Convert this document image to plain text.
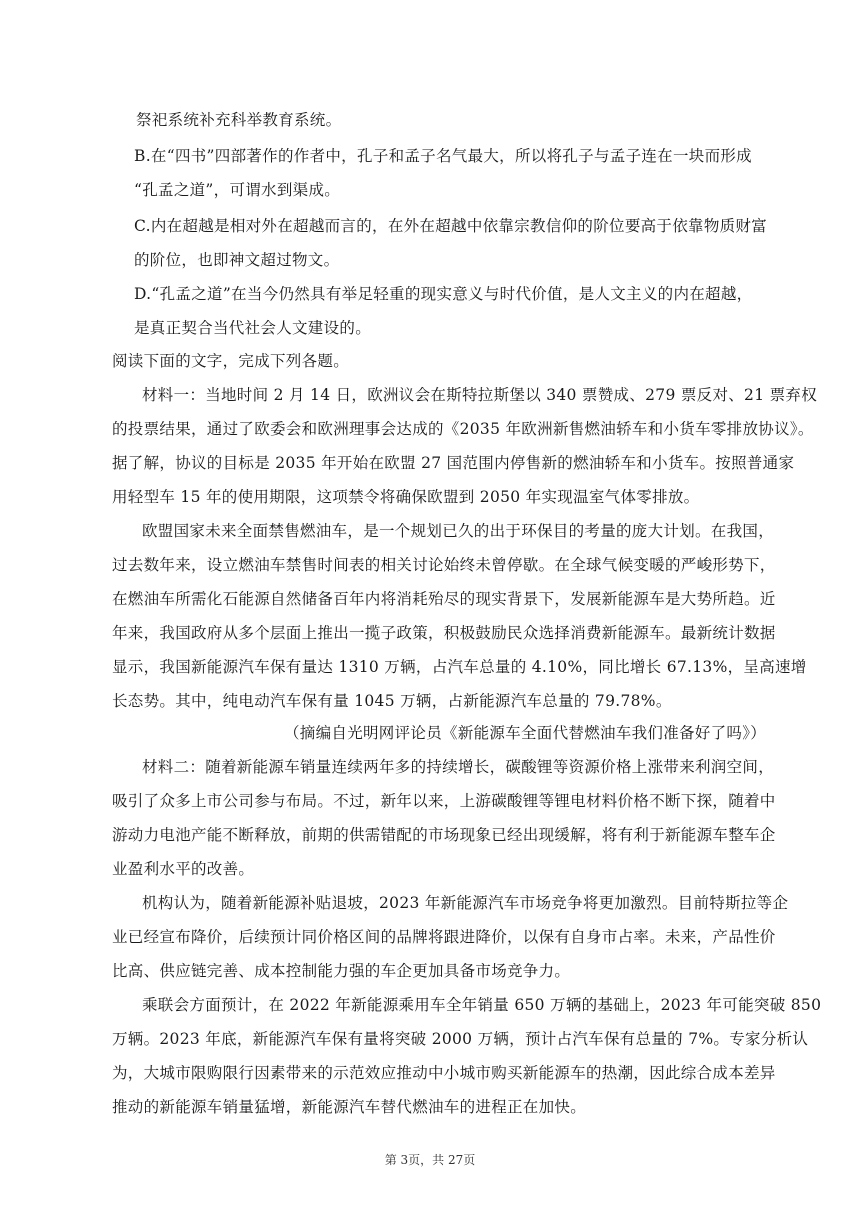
祭祀系统补充科举教育系统。
B.在“四书”四部著作的作者中，孔子和孟子名气最大，所以将孔子与孟子连在一块而形成
“孔孟之道”，可谓水到渠成。
C.内在超越是相对外在超越而言的，在外在超越中依靠宗教信仰的阶位要高于依靠物质财富
的阶位，也即神文超过物文。
D.“孔孟之道”在当今仍然具有举足轻重的现实意义与时代价值，是人文主义的内在超越，
是真正契合当代社会人文建设的。
阅读下面的文字，完成下列各题。
材料一：当地时间 2 月 14 日，欧洲议会在斯特拉斯堡以 340 票赞成、279 票反对、21 票弃权
的投票结果，通过了欧委会和欧洲理事会达成的《2035 年欧洲新售燃油轿车和小货车零排放协议》。
据了解，协议的目标是 2035 年开始在欧盟 27 国范围内停售新的燃油轿车和小货车。按照普通家
用轻型车 15 年的使用期限，这项禁令将确保欧盟到 2050 年实现温室气体零排放。
欧盟国家未来全面禁售燃油车，是一个规划已久的出于环保目的考量的庞大计划。在我国，
过去数年来，设立燃油车禁售时间表的相关讨论始终未曾停歇。在全球气候变暖的严峻形势下，
在燃油车所需化石能源自然储备百年内将消耗殆尽的现实背景下，发展新能源车是大势所趋。近
年来，我国政府从多个层面上推出一揽子政策，积极鼓励民众选择消费新能源车。最新统计数据
显示，我国新能源汽车保有量达 1310 万辆，占汽车总量的 4.10%，同比增长 67.13%，呈高速增
长态势。其中，纯电动汽车保有量 1045 万辆，占新能源汽车总量的 79.78%。
（摘编自光明网评论员《新能源车全面代替燃油车我们准备好了吗》）
材料二：随着新能源车销量连续两年多的持续增长，碳酸锂等资源价格上涨带来利润空间，
吸引了众多上市公司参与布局。不过，新年以来，上游碳酸锂等锂电材料价格不断下探，随着中
游动力电池产能不断释放，前期的供需错配的市场现象已经出现缓解，将有利于新能源车整车企
业盈利水平的改善。
机构认为，随着新能源补贴退坡，2023 年新能源汽车市场竞争将更加激烈。目前特斯拉等企
业已经宣布降价，后续预计同价格区间的品牌将跟进降价，以保有自身市占率。未来，产品性价
比高、供应链完善、成本控制能力强的车企更加具备市场竞争力。
乘联会方面预计，在 2022 年新能源乘用车全年销量 650 万辆的基础上，2023 年可能突破 850
万辆。2023 年底，新能源汽车保有量将突破 2000 万辆，预计占汽车保有总量的 7%。专家分析认
为，大城市限购限行因素带来的示范效应推动中小城市购买新能源车的热潮，因此综合成本差异
推动的新能源车销量猛增，新能源汽车替代燃油车的进程正在加快。
第 3页，共 27页
